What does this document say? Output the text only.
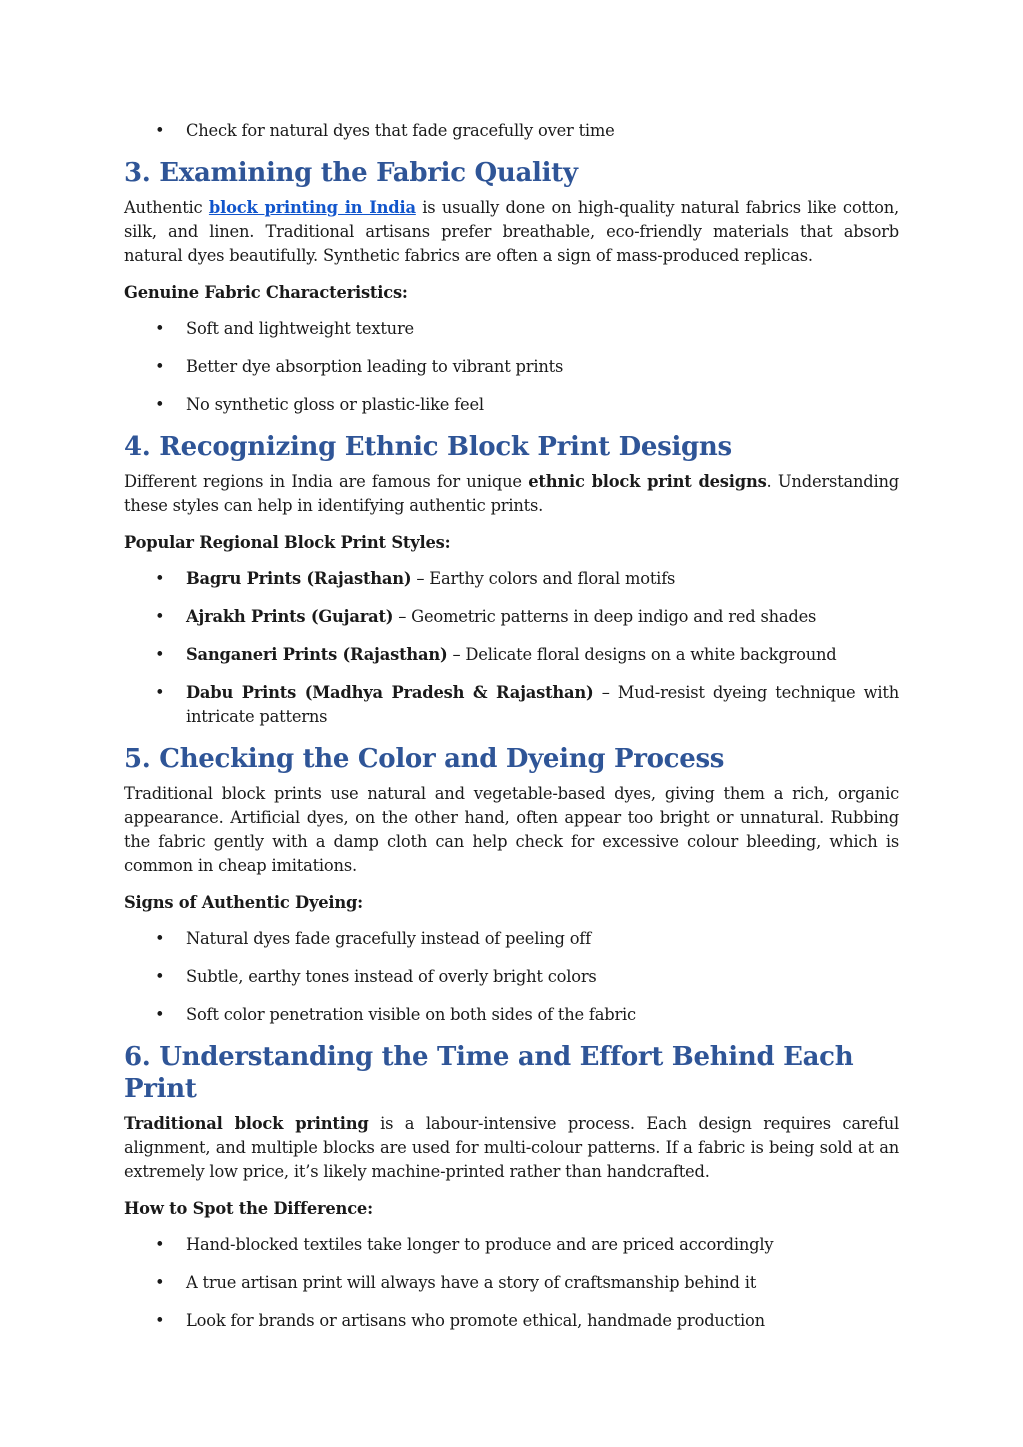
• Check for natural dyes that fade gracefully over time
3. Examining the Fabric Quality

Authentic block printing in India is usually done on high-quality natural fabrics like cotton, silk, and linen. Traditional artisans prefer breathable, eco-friendly materials that absorb natural dyes beautifully. Synthetic fabrics are often a sign of mass-produced replicas.

Genuine Fabric Characteristics:

• Soft and lightweight texture
• Better dye absorption leading to vibrant prints
• No synthetic gloss or plastic-like feel
4. Recognizing Ethnic Block Print Designs

Different regions in India are famous for unique ethnic block print designs. Understanding these styles can help in identifying authentic prints.

Popular Regional Block Print Styles:

• Bagru Prints (Rajasthan) – Earthy colors and floral motifs
• Ajrakh Prints (Gujarat) – Geometric patterns in deep indigo and red shades
• Sanganeri Prints (Rajasthan) – Delicate floral designs on a white background
• Dabu Prints (Madhya Pradesh & Rajasthan) – Mud-resist dyeing technique with intricate patterns
5. Checking the Color and Dyeing Process

Traditional block prints use natural and vegetable-based dyes, giving them a rich, organic appearance. Artificial dyes, on the other hand, often appear too bright or unnatural. Rubbing the fabric gently with a damp cloth can help check for excessive colour bleeding, which is common in cheap imitations.

Signs of Authentic Dyeing:

• Natural dyes fade gracefully instead of peeling off
• Subtle, earthy tones instead of overly bright colors
• Soft color penetration visible on both sides of the fabric
6. Understanding the Time and Effort Behind Each Print

Traditional block printing is a labour-intensive process. Each design requires careful alignment, and multiple blocks are used for multi-colour patterns. If a fabric is being sold at an extremely low price, it’s likely machine-printed rather than handcrafted.

How to Spot the Difference:

• Hand-blocked textiles take longer to produce and are priced accordingly
• A true artisan print will always have a story of craftsmanship behind it
• Look for brands or artisans who promote ethical, handmade production
